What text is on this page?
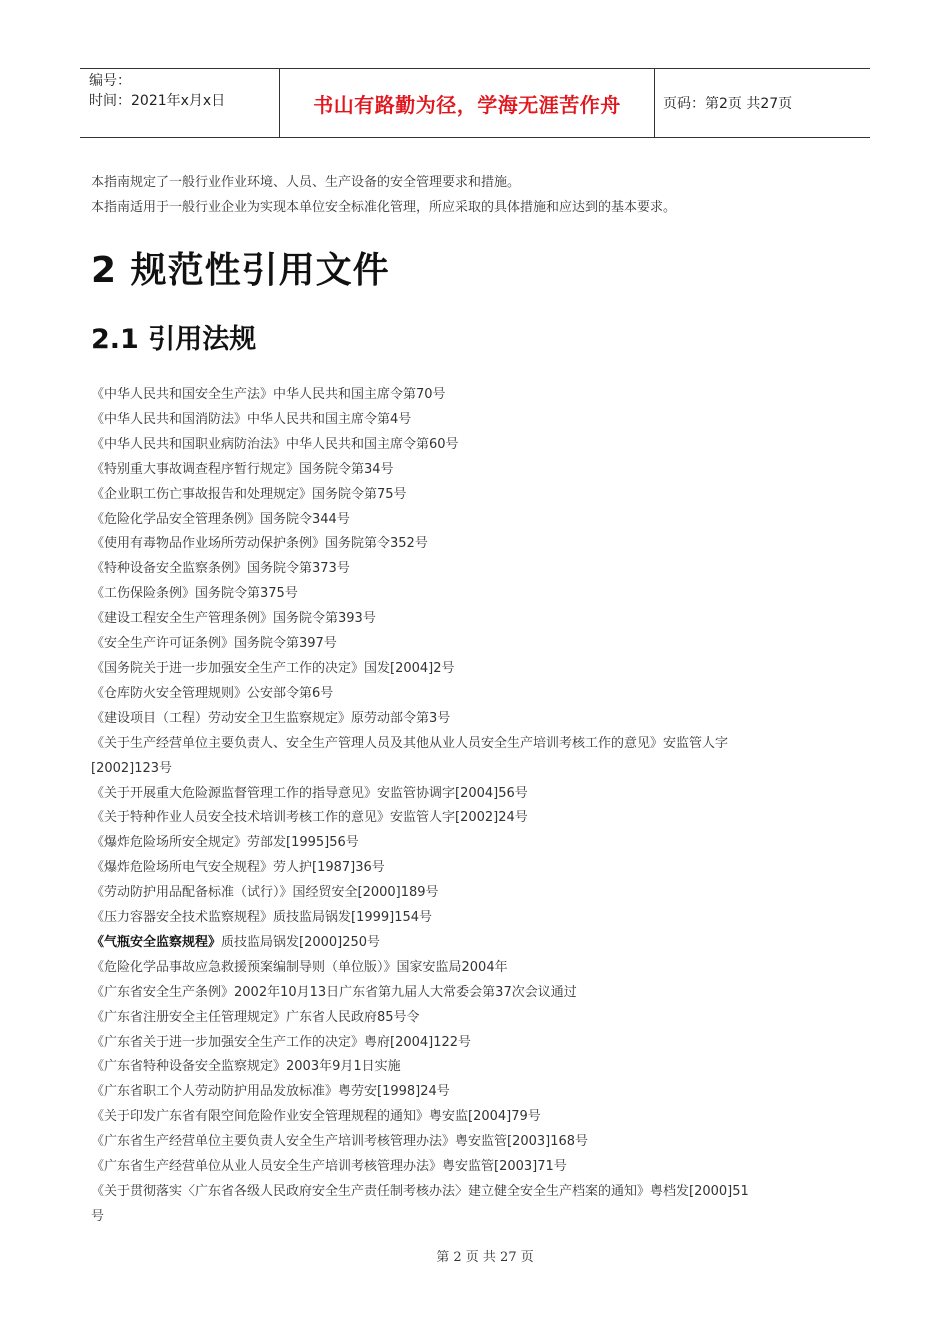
编号：
时间：2021年x月x日	书山有路勤为径，学海无涯苦作舟	页码：第2页 共27页
本指南规定了一般行业作业环境、人员、生产设备的安全管理要求和措施。
本指南适用于一般行业企业为实现本单位安全标准化管理，所应采取的具体措施和应达到的基本要求。
2 规范性引用文件
2.1 引用法规
《中华人民共和国安全生产法》中华人民共和国主席令第70号
《中华人民共和国消防法》中华人民共和国主席令第4号
《中华人民共和国职业病防治法》中华人民共和国主席令第60号
《特别重大事故调查程序暂行规定》国务院令第34号
《企业职工伤亡事故报告和处理规定》国务院令第75号
《危险化学品安全管理条例》国务院令344号
《使用有毒物品作业场所劳动保护条例》国务院第令352号
《特种设备安全监察条例》国务院令第373号
《工伤保险条例》国务院令第375号
《建设工程安全生产管理条例》国务院令第393号
《安全生产许可证条例》国务院令第397号
《国务院关于进一步加强安全生产工作的决定》国发[2004]2号
《仓库防火安全管理规则》公安部令第6号
《建设项目（工程）劳动安全卫生监察规定》原劳动部令第3号
《关于生产经营单位主要负责人、安全生产管理人员及其他从业人员安全生产培训考核工作的意见》安监管人字
[2002]123号
《关于开展重大危险源监督管理工作的指导意见》安监管协调字[2004]56号
《关于特种作业人员安全技术培训考核工作的意见》安监管人字[2002]24号
《爆炸危险场所安全规定》劳部发[1995]56号
《爆炸危险场所电气安全规程》劳人护[1987]36号
《劳动防护用品配备标准（试行）》国经贸安全[2000]189号
《压力容器安全技术监察规程》质技监局锅发[1999]154号
《气瓶安全监察规程》质技监局锅发[2000]250号
《危险化学品事故应急救援预案编制导则（单位版）》国家安监局2004年
《广东省安全生产条例》2002年10月13日广东省第九届人大常委会第37次会议通过
《广东省注册安全主任管理规定》广东省人民政府85号令
《广东省关于进一步加强安全生产工作的决定》粤府[2004]122号
《广东省特种设备安全监察规定》2003年9月1日实施
《广东省职工个人劳动防护用品发放标准》粤劳安[1998]24号
《关于印发广东省有限空间危险作业安全管理规程的通知》粤安监[2004]79号
《广东省生产经营单位主要负责人安全生产培训考核管理办法》粤安监管[2003]168号
《广东省生产经营单位从业人员安全生产培训考核管理办法》粤安监管[2003]71号
《关于贯彻落实〈广东省各级人民政府安全生产责任制考核办法〉建立健全安全生产档案的通知》粤档发[2000]51
号
第 2 页 共 27 页
